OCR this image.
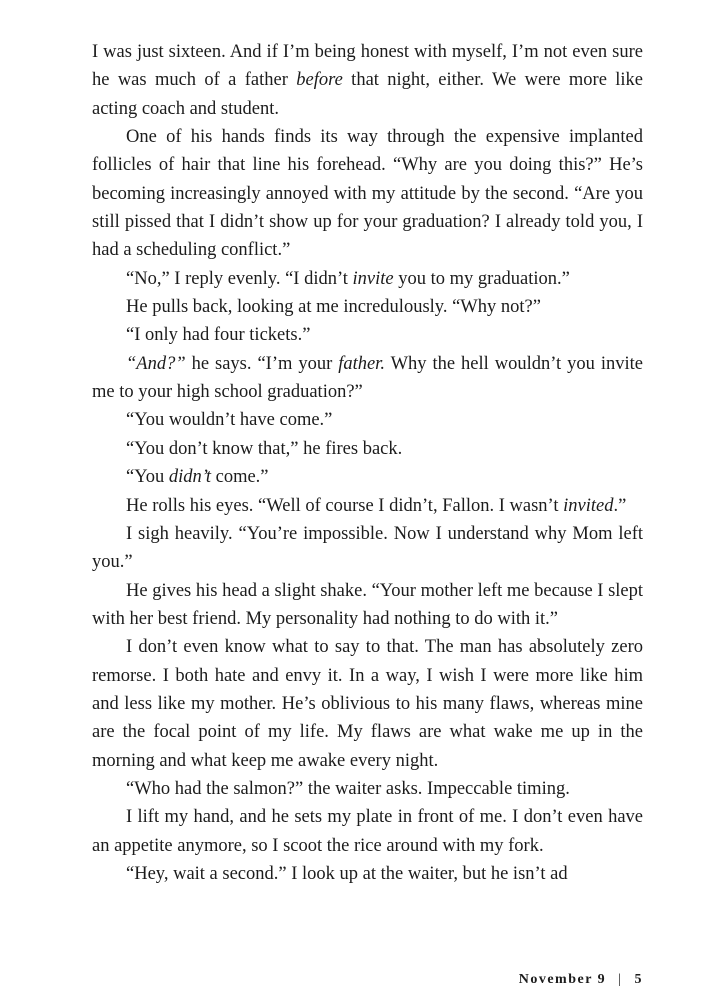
I was just sixteen. And if I’m being honest with myself, I’m not even sure he was much of a father before that night, either. We were more like acting coach and student.

One of his hands finds its way through the expensive implanted follicles of hair that line his forehead. “Why are you doing this?” He’s becoming increasingly annoyed with my attitude by the second. “Are you still pissed that I didn’t show up for your graduation? I already told you, I had a scheduling conflict.”

“No,” I reply evenly. “I didn’t invite you to my graduation.”

He pulls back, looking at me incredulously. “Why not?”

“I only had four tickets.”

“And?” he says. “I’m your father. Why the hell wouldn’t you invite me to your high school graduation?”

“You wouldn’t have come.”

“You don’t know that,” he fires back.

“You didn’t come.”

He rolls his eyes. “Well of course I didn’t, Fallon. I wasn’t invited.”

I sigh heavily. “You’re impossible. Now I understand why Mom left you.”

He gives his head a slight shake. “Your mother left me because I slept with her best friend. My personality had nothing to do with it.”

I don’t even know what to say to that. The man has absolutely zero remorse. I both hate and envy it. In a way, I wish I were more like him and less like my mother. He’s oblivious to his many flaws, whereas mine are the focal point of my life. My flaws are what wake me up in the morning and what keep me awake every night.

“Who had the salmon?” the waiter asks. Impeccable timing.

I lift my hand, and he sets my plate in front of me. I don’t even have an appetite anymore, so I scoot the rice around with my fork.

“Hey, wait a second.” I look up at the waiter, but he isn’t ad

November 9 | 5
